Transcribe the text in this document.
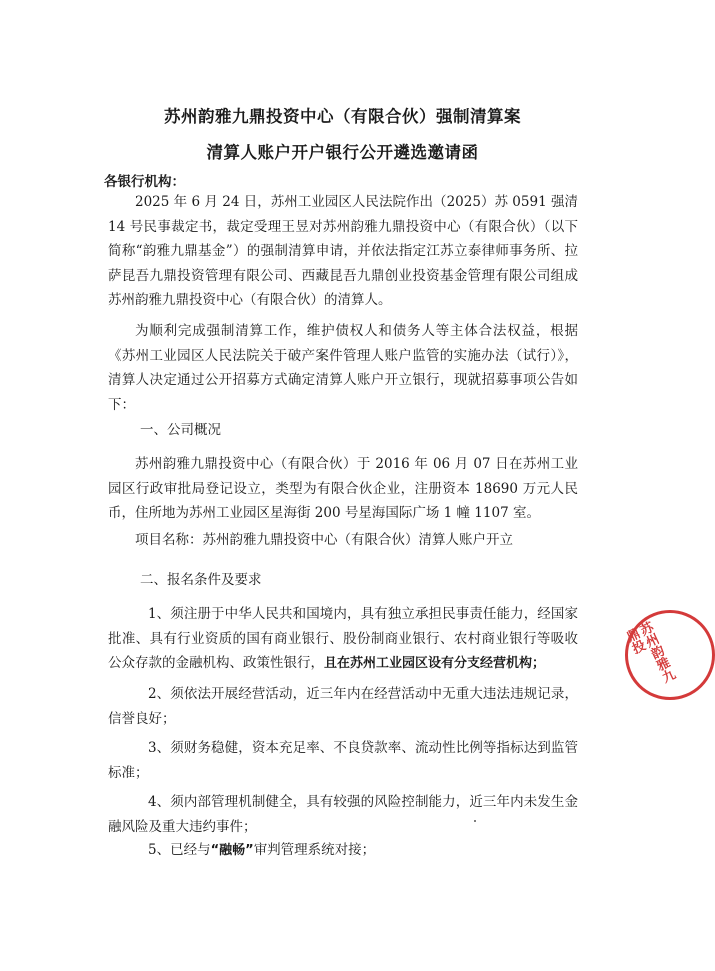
苏州韵雅九鼎投资中心（有限合伙）强制清算案
清算人账户开户银行公开遴选邀请函
各银行机构：

2025 年 6 月 24 日，苏州工业园区人民法院作出（2025）苏 0591 强清 14 号民事裁定书，裁定受理王昱对苏州韵雅九鼎投资中心（有限合伙）（以下简称“韵雅九鼎基金”）的强制清算申请，并依法指定江苏立泰律师事务所、拉萨昆吾九鼎投资管理有限公司、西藏昆吾九鼎创业投资基金管理有限公司组成苏州韵雅九鼎投资中心（有限合伙）的清算人。

为顺利完成强制清算工作，维护债权人和债务人等主体合法权益，根据《苏州工业园区人民法院关于破产案件管理人账户监管的实施办法（试行）》，清算人决定通过公开招募方式确定清算人账户开立银行，现就招募事项公告如下：

一、公司概况

苏州韵雅九鼎投资中心（有限合伙）于 2016 年 06 月 07 日在苏州工业园区行政审批局登记设立，类型为有限合伙企业，注册资本 18690 万元人民币，住所地为苏州工业园区星海街 200 号星海国际广场 1 幢 1107 室。

项目名称：苏州韵雅九鼎投资中心（有限合伙）清算人账户开立

二、报名条件及要求

1、须注册于中华人民共和国境内，具有独立承担民事责任能力，经国家批准、具有行业资质的国有商业银行、股份制商业银行、农村商业银行等吸收公众存款的金融机构、政策性银行，且在苏州工业园区设有分支经营机构；

2、须依法开展经营活动，近三年内在经营活动中无重大违法违规记录，信誉良好；

3、须财务稳健，资本充足率、不良贷款率、流动性比例等指标达到监管标准；

4、须内部管理机制健全，具有较强的风险控制能力，近三年内未发生金融风险及重大违约事件；

5、已经与“融畅”审判管理系统对接；

苏州韵雅九鼎投
